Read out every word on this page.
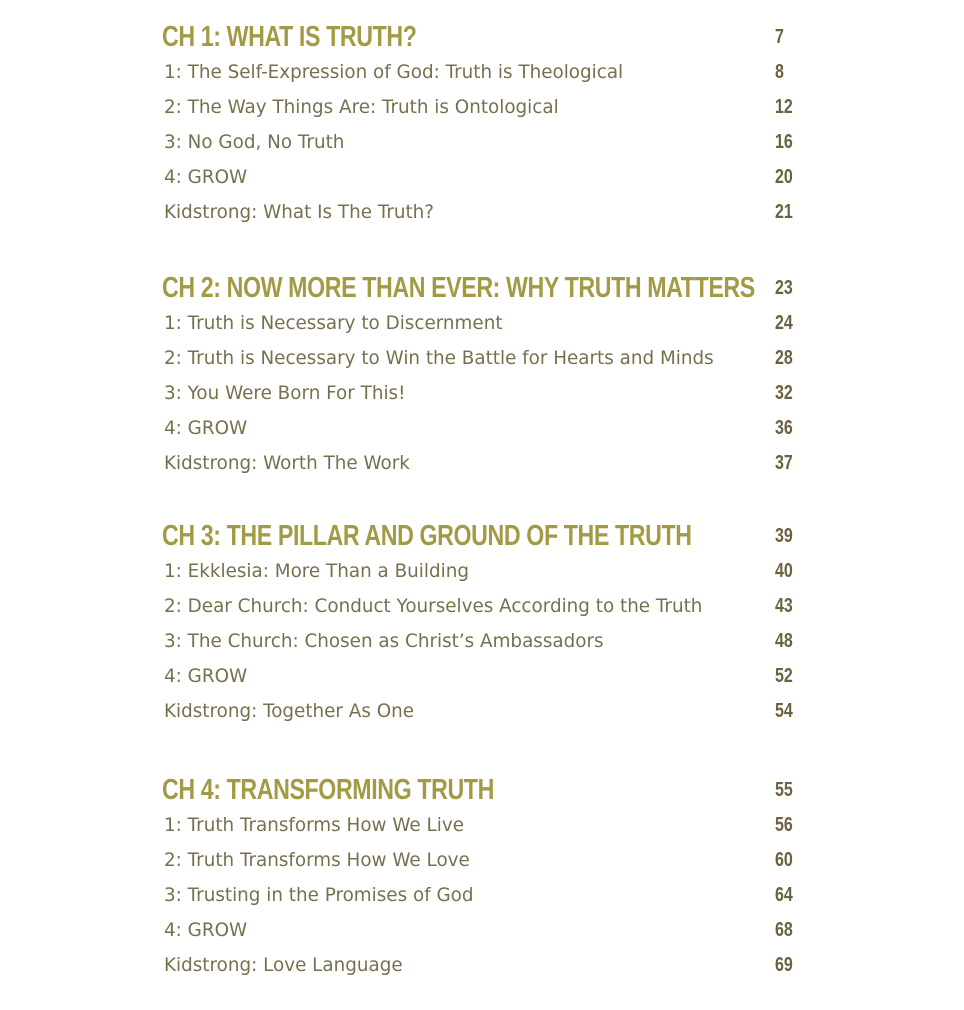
CH 1: WHAT IS TRUTH?	7
1: The Self-Expression of God: Truth is Theological	8
2: The Way Things Are: Truth is Ontological	12
3: No God, No Truth	16
4: GROW	20
Kidstrong: What Is The Truth?	21
CH 2: NOW MORE THAN EVER: WHY TRUTH MATTERS 23
1: Truth is Necessary to Discernment	24
2: Truth is Necessary to Win the Battle for Hearts and Minds	28
3: You Were Born For This!	32
4: GROW	36
Kidstrong: Worth The Work	37
CH 3: THE PILLAR AND GROUND OF THE TRUTH	39
1: Ekklesia: More Than a Building	40
2: Dear Church: Conduct Yourselves According to the Truth	43
3: The Church: Chosen as Christ’s Ambassadors	48
4: GROW	52
Kidstrong: Together As One	54
CH 4: TRANSFORMING TRUTH	55
1: Truth Transforms How We Live	56
2: Truth Transforms How We Love	60
3: Trusting in the Promises of God	64
4: GROW	68
Kidstrong: Love Language	69
